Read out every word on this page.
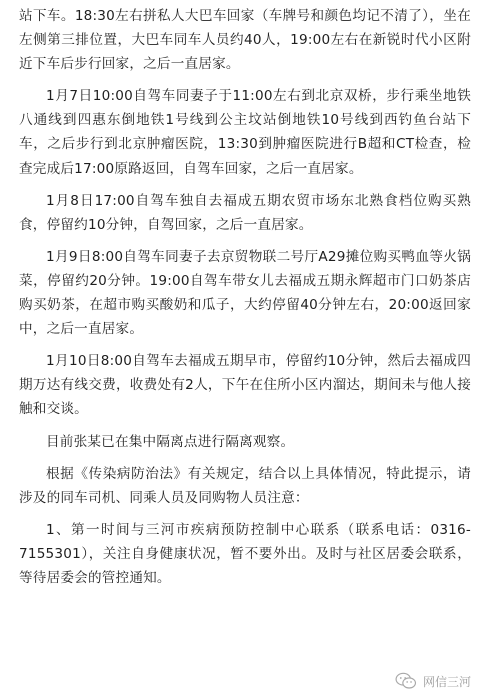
站下车。18:30左右拼私人大巴车回家（车牌号和颜色均记不清了），坐在左侧第三排位置，大巴车同车人员约40人，19:00左右在新锐时代小区附近下车后步行回家，之后一直居家。

1月7日10:00自驾车同妻子于11:00左右到北京双桥，步行乘坐地铁八通线到四惠东倒地铁1号线到公主坟站倒地铁10号线到西钓鱼台站下车，之后步行到北京肿瘤医院，13:30到肿瘤医院进行B超和CT检查，检查完成后17:00原路返回，自驾车回家，之后一直居家。

1月8日17:00自驾车独自去福成五期农贸市场东北熟食档位购买熟食，停留约10分钟，自驾回家，之后一直居家。

1月9日8:00自驾车同妻子去京贸物联二号厅A29摊位购买鸭血等火锅菜，停留约20分钟。19:00自驾车带女儿去福成五期永辉超市门口奶茶店购买奶茶，在超市购买酸奶和瓜子，大约停留40分钟左右，20:00返回家中，之后一直居家。

1月10日8:00自驾车去福成五期早市，停留约10分钟，然后去福成四期万达有线交费，收费处有2人，下午在住所小区内溜达，期间未与他人接触和交谈。

目前张某已在集中隔离点进行隔离观察。

根据《传染病防治法》有关规定，结合以上具体情况，特此提示，请涉及的同车司机、同乘人员及同购物人员注意：

1、第一时间与三河市疾病预防控制中心联系（联系电话：0316-7155301），关注自身健康状况，暂不要外出。及时与社区居委会联系，等待居委会的管控通知。

网信三河
